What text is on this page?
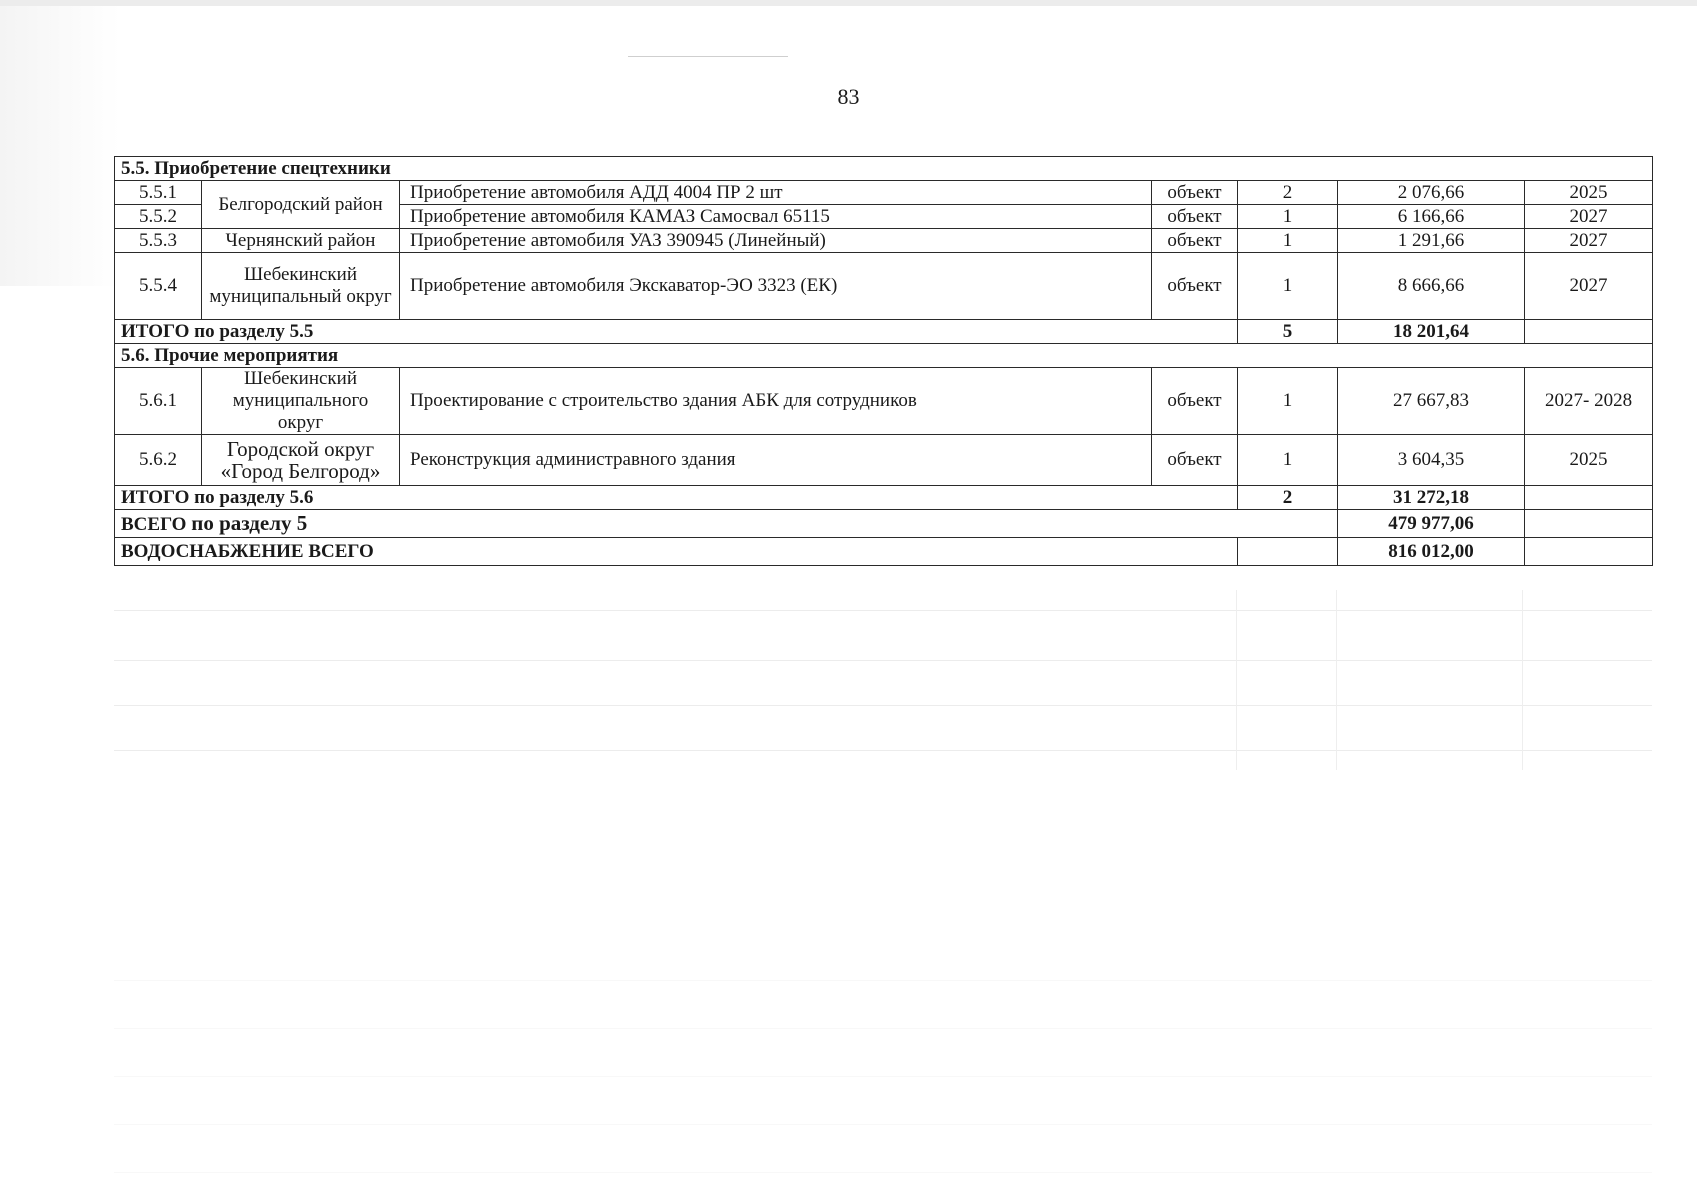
83
5.5. Приобретение спецтехники						
5.5.1	Белгородский район	Приобретение автомобиля АДД 4004 ПР 2 шт	объект	2	2 076,66	2025
5.5.2		Приобретение автомобиля КАМАЗ Самосвал 65115	объект	1	6 166,66	2027
5.5.3	Чернянский район	Приобретение автомобиля УАЗ 390945 (Линейный)	объект	1	1 291,66	2027
5.5.4	Шебекинский муниципальный округ	Приобретение автомобиля Экскаватор-ЭО 3323 (ЕК)	объект	1	8 666,66	2027
ИТОГО по разделу 5.5				5	18 201,64	
5.6. Прочие мероприятия						
5.6.1	Шебекинский муниципального округ	Проектирование с строительство здания АБК для сотрудников	объект	1	27 667,83	2027- 2028
5.6.2	Городской округ «Город Белгород»	Реконструкция администравного здания	объект	1	3 604,35	2025
ИТОГО по разделу 5.6				2	31 272,18	
ВСЕГО по разделу 5					479 977,06	
ВОДОСНАБЖЕНИЕ ВСЕГО					816 012,00	
